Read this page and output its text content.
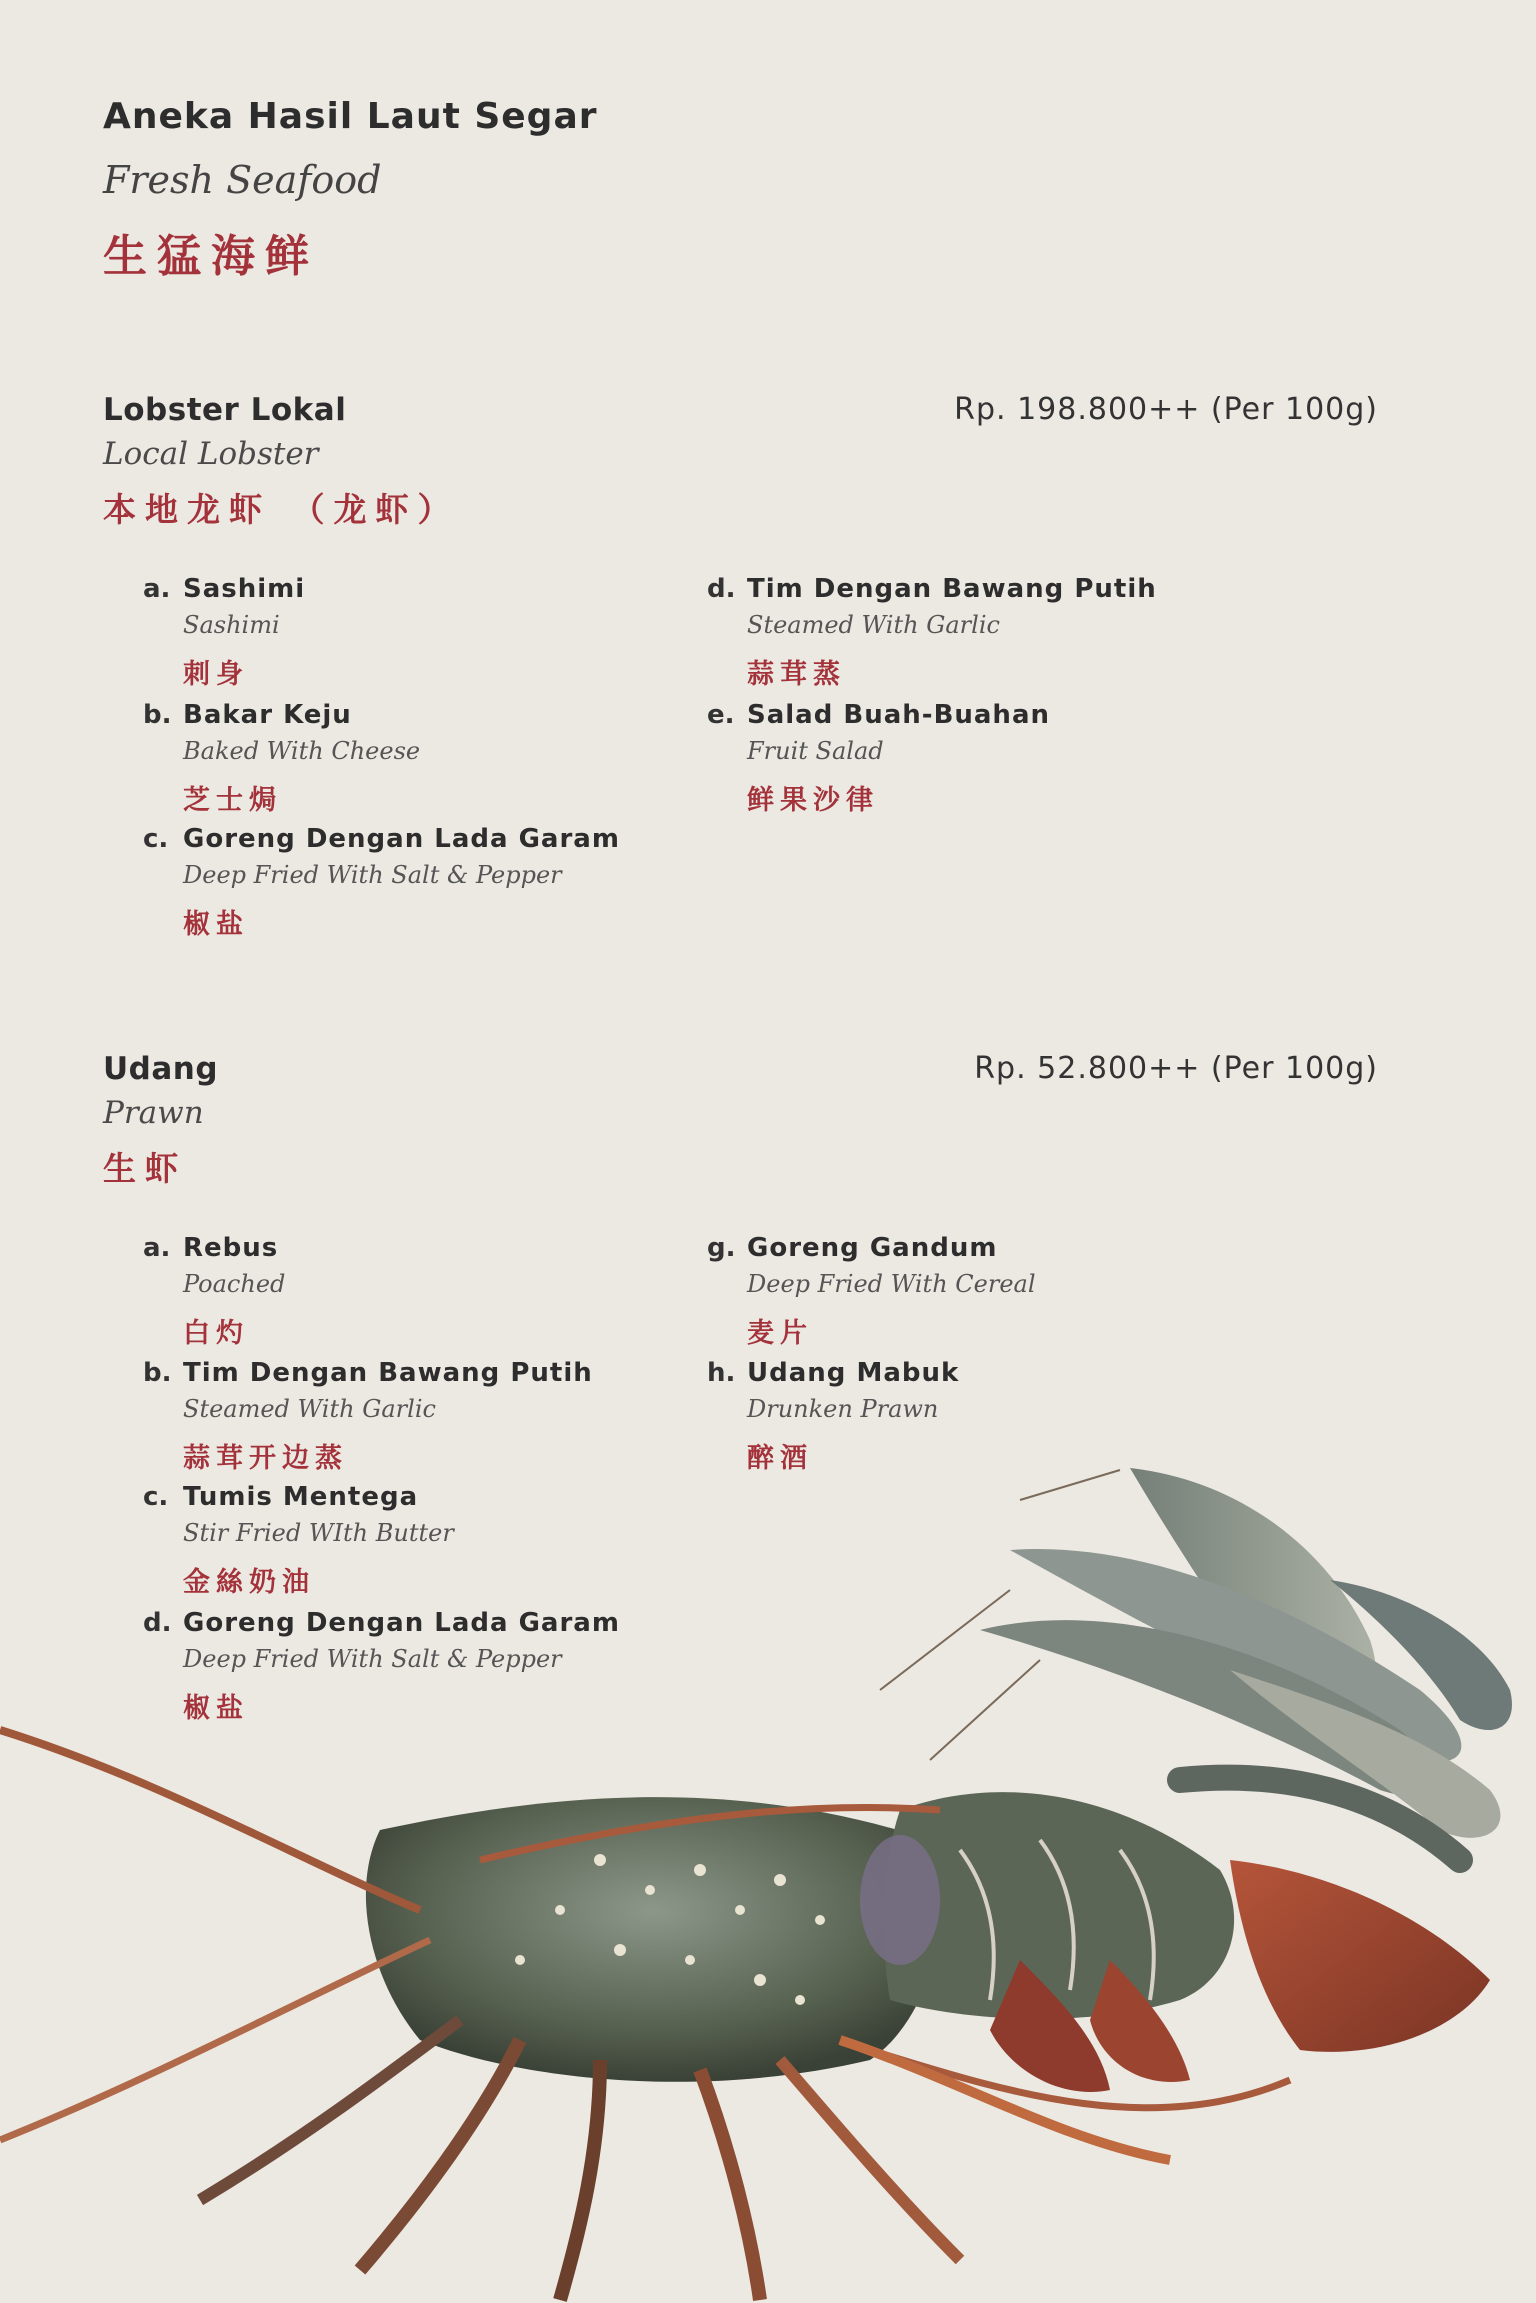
Aneka Hasil Laut Segar
Fresh Seafood
生猛海鲜
Lobster Lokal	Rp. 198.800++ (Per 100g)
Local Lobster
本地龙虾 （龙虾）
a. Sashimi
Sashimi
刺身
b. Bakar Keju
Baked With Cheese
芝士焗
c. Goreng Dengan Lada Garam
Deep Fried With Salt & Pepper
椒盐
d. Tim Dengan Bawang Putih
Steamed With Garlic
蒜茸蒸
e. Salad Buah-Buahan
Fruit Salad
鲜果沙律
Udang	Rp. 52.800++ (Per 100g)
Prawn
生虾
a. Rebus
Poached
白灼
b. Tim Dengan Bawang Putih
Steamed With Garlic
蒜茸开边蒸
c. Tumis Mentega
Stir Fried WIth Butter
金絲奶油
d. Goreng Dengan Lada Garam
Deep Fried With Salt & Pepper
椒盐
g. Goreng Gandum
Deep Fried With Cereal
麦片
h. Udang Mabuk
Drunken Prawn
醉酒
